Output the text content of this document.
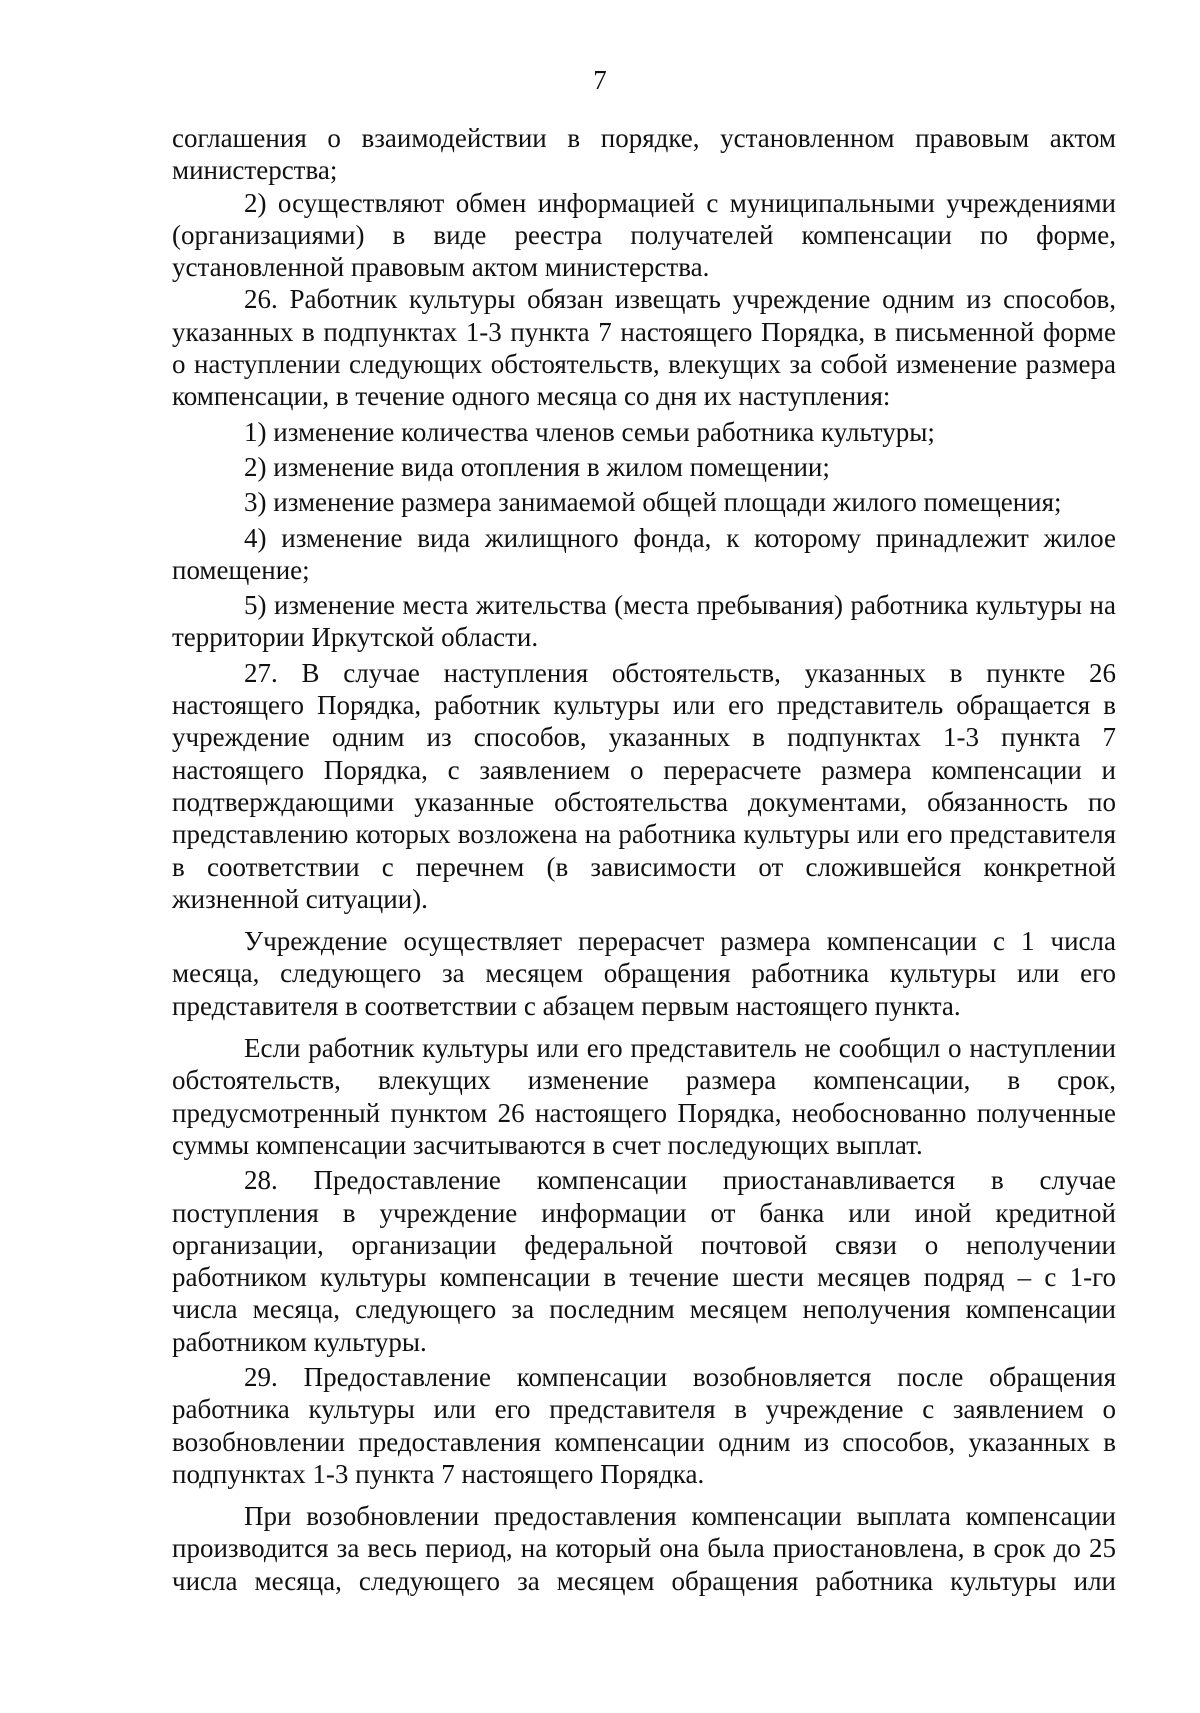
7

соглашения о взаимодействии в порядке, установленном правовым актом министерства;

2) осуществляют обмен информацией с муниципальными учреждениями (организациями) в виде реестра получателей компенсации по форме, установленной правовым актом министерства.

26. Работник культуры обязан извещать учреждение одним из способов, указанных в подпунктах 1-3 пункта 7 настоящего Порядка, в письменной форме о наступлении следующих обстоятельств, влекущих за собой изменение размера компенсации, в течение одного месяца со дня их наступления:

1) изменение количества членов семьи работника культуры;

2) изменение вида отопления в жилом помещении;

3) изменение размера занимаемой общей площади жилого помещения;

4) изменение вида жилищного фонда, к которому принадлежит жилое помещение;

5) изменение места жительства (места пребывания) работника культуры на территории Иркутской области.

27. В случае наступления обстоятельств, указанных в пункте 26 настоящего Порядка, работник культуры или его представитель обращается в учреждение одним из способов, указанных в подпунктах 1-3 пункта 7 настоящего Порядка, с заявлением о перерасчете размера компенсации и подтверждающими указанные обстоятельства документами, обязанность по представлению которых возложена на работника культуры или его представителя в соответствии с перечнем (в зависимости от сложившейся конкретной жизненной ситуации).

Учреждение осуществляет перерасчет размера компенсации с 1 числа месяца, следующего за месяцем обращения работника культуры или его представителя в соответствии с абзацем первым настоящего пункта.

Если работник культуры или его представитель не сообщил о наступлении обстоятельств, влекущих изменение размера компенсации, в срок, предусмотренный пунктом 26 настоящего Порядка, необоснованно полученные суммы компенсации засчитываются в счет последующих выплат.

28. Предоставление компенсации приостанавливается в случае поступления в учреждение информации от банка или иной кредитной организации, организации федеральной почтовой связи о неполучении работником культуры компенсации в течение шести месяцев подряд – с 1-го числа месяца, следующего за последним месяцем неполучения компенсации работником культуры.

29. Предоставление компенсации возобновляется после обращения работника культуры или его представителя в учреждение с заявлением о возобновлении предоставления компенсации одним из способов, указанных в подпунктах 1-3 пункта 7 настоящего Порядка.

При возобновлении предоставления компенсации выплата компенсации производится за весь период, на который она была приостановлена, в срок до 25 числа месяца, следующего за месяцем обращения работника культуры или
